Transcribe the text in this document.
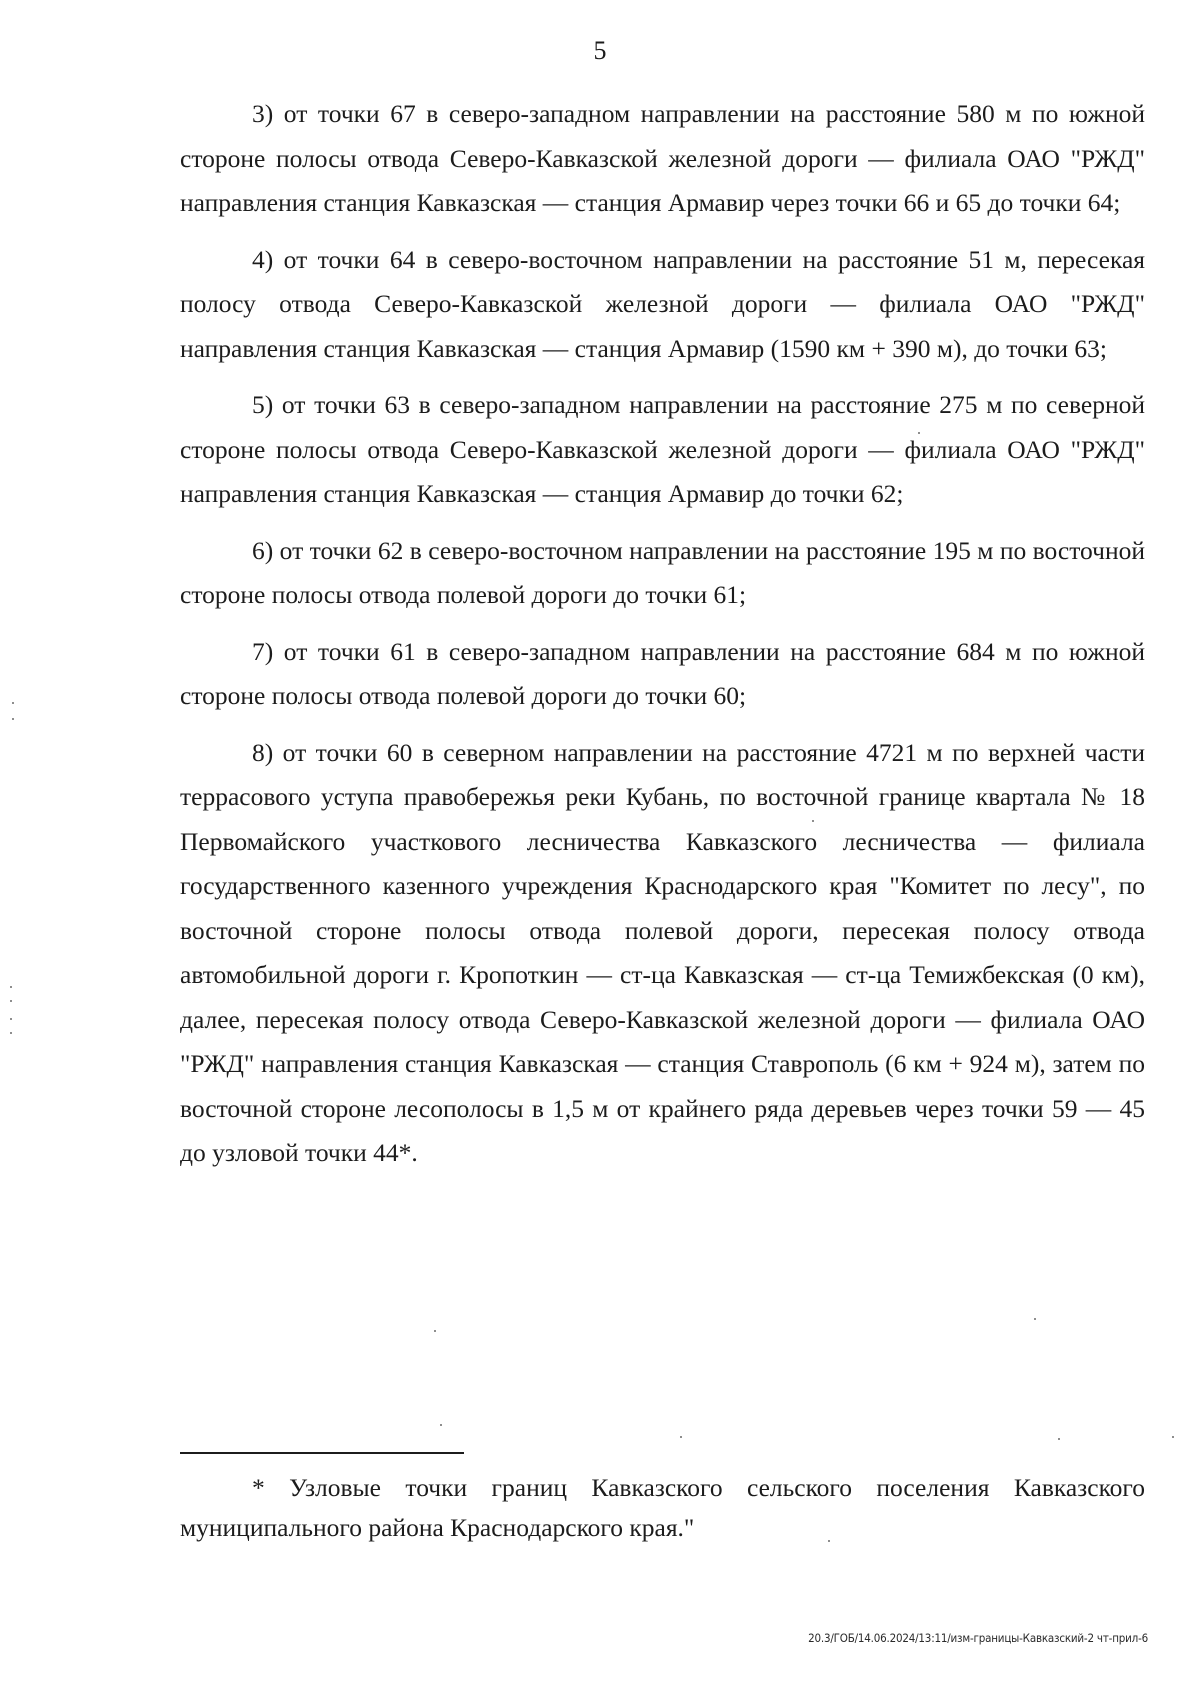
5

3) от точки 67 в северо-западном направлении на расстояние 580 м по южной стороне полосы отвода Северо-Кавказской железной дороги — филиала ОАО "РЖД" направления станция Кавказская — станция Армавир через точки 66 и 65 до точки 64;

4) от точки 64 в северо-восточном направлении на расстояние 51 м, пересекая полосу отвода Северо-Кавказской железной дороги — филиала ОАО "РЖД" направления станция Кавказская — станция Армавир (1590 км + 390 м), до точки 63;

5) от точки 63 в северо-западном направлении на расстояние 275 м по северной стороне полосы отвода Северо-Кавказской железной дороги — филиала ОАО "РЖД" направления станция Кавказская — станция Армавир до точки 62;

6) от точки 62 в северо-восточном направлении на расстояние 195 м по восточной стороне полосы отвода полевой дороги до точки 61;

7) от точки 61 в северо-западном направлении на расстояние 684 м по южной стороне полосы отвода полевой дороги до точки 60;

8) от точки 60 в северном направлении на расстояние 4721 м по верхней части террасового уступа правобережья реки Кубань, по восточной границе квартала № 18 Первомайского участкового лесничества Кавказского лесничества — филиала государственного казенного учреждения Краснодарского края "Комитет по лесу", по восточной стороне полосы отвода полевой дороги, пересекая полосу отвода автомобильной дороги г. Кропоткин — ст-ца Кавказская — ст-ца Темижбекская (0 км), далее, пересекая полосу отвода Северо-Кавказской железной дороги — филиала ОАО "РЖД" направления станция Кавказская — станция Ставрополь (6 км + 924 м), затем по восточной стороне лесополосы в 1,5 м от крайнего ряда деревьев через точки 59 — 45 до узловой точки 44*.

* Узловые точки границ Кавказского сельского поселения Кавказского муниципального района Краснодарского края."

20.3/ГОБ/14.06.2024/13:11/изм-границы-Кавказский-2 чт-прил-6
